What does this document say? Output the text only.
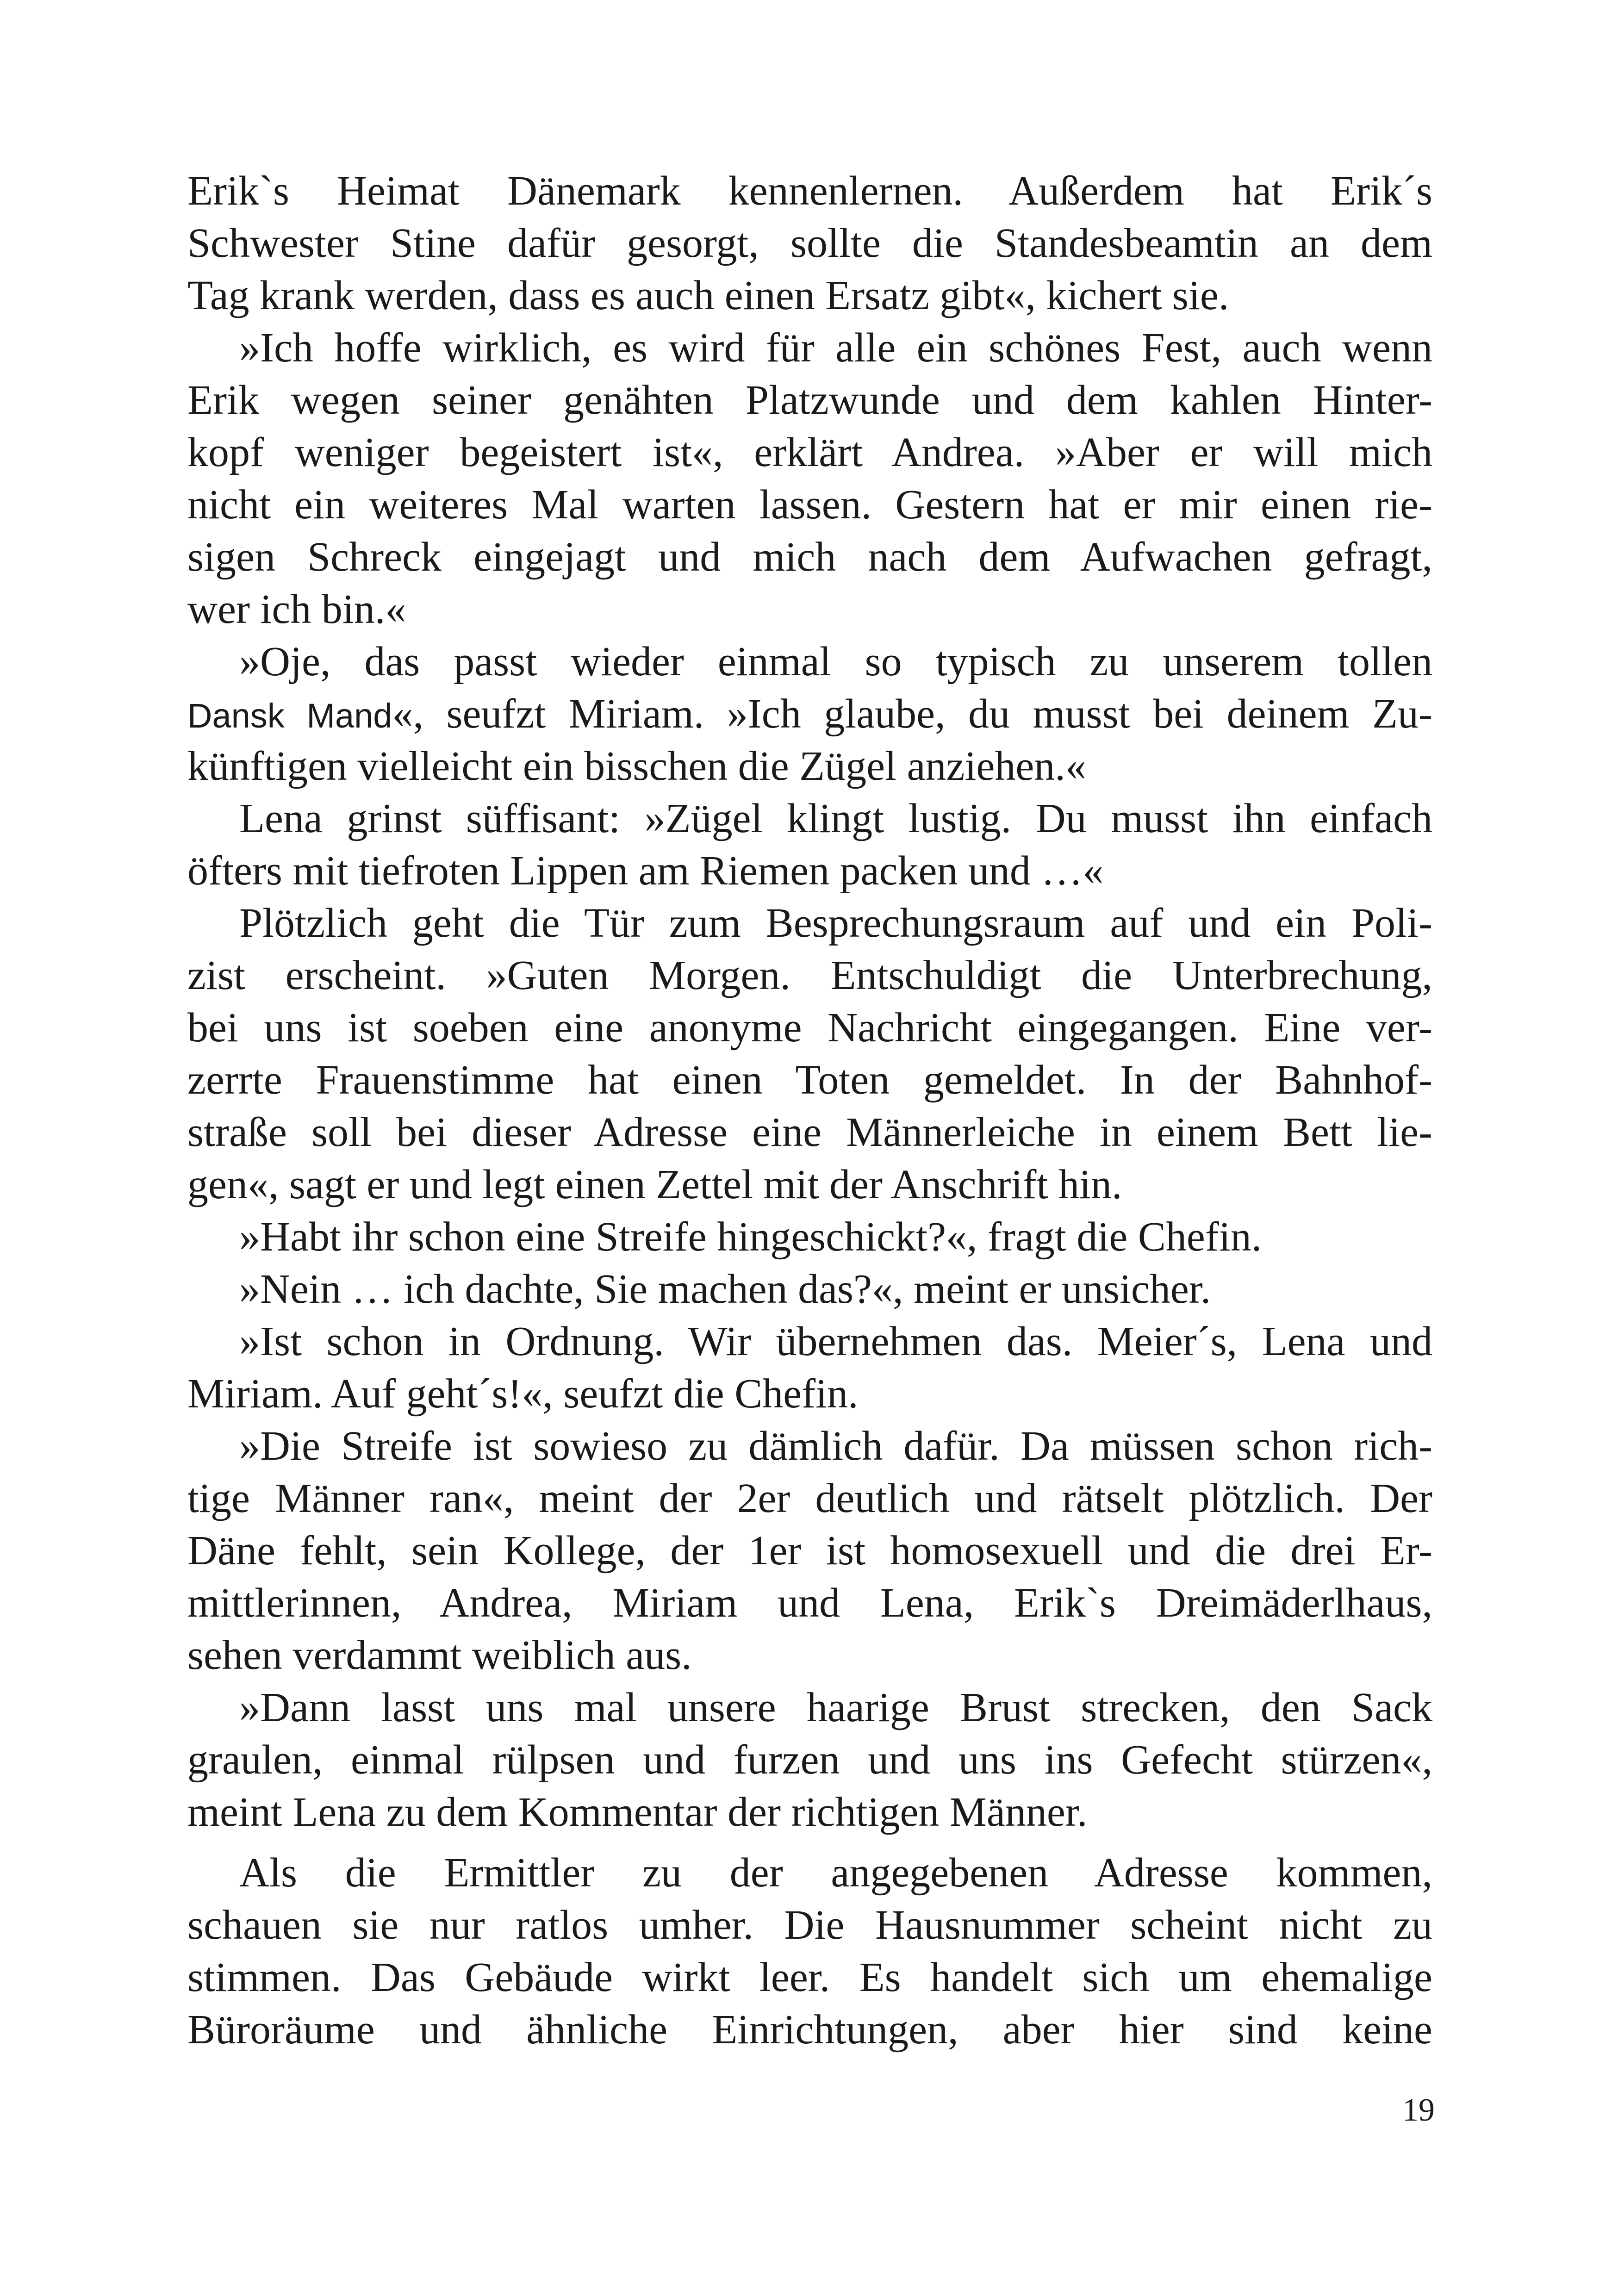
Erik`s Heimat Dänemark kennenlernen. Außerdem hat Erik´s
Schwester Stine dafür gesorgt, sollte die Standesbeamtin an dem
Tag krank werden, dass es auch einen Ersatz gibt«, kichert sie.
»Ich hoffe wirklich, es wird für alle ein schönes Fest, auch wenn
Erik wegen seiner genähten Platzwunde und dem kahlen Hinter-
kopf weniger begeistert ist«, erklärt Andrea. »Aber er will mich
nicht ein weiteres Mal warten lassen. Gestern hat er mir einen rie-
sigen Schreck eingejagt und mich nach dem Aufwachen gefragt,
wer ich bin.«
»Oje, das passt wieder einmal so typisch zu unserem tollen
Dansk Mand«, seufzt Miriam. »Ich glaube, du musst bei deinem Zu-
künftigen vielleicht ein bisschen die Zügel anziehen.«
Lena grinst süffisant: »Zügel klingt lustig. Du musst ihn einfach
öfters mit tiefroten Lippen am Riemen packen und …«
Plötzlich geht die Tür zum Besprechungsraum auf und ein Poli-
zist erscheint. »Guten Morgen. Entschuldigt die Unterbrechung,
bei uns ist soeben eine anonyme Nachricht eingegangen. Eine ver-
zerrte Frauenstimme hat einen Toten gemeldet. In der Bahnhof-
straße soll bei dieser Adresse eine Männerleiche in einem Bett lie-
gen«, sagt er und legt einen Zettel mit der Anschrift hin.
»Habt ihr schon eine Streife hingeschickt?«, fragt die Chefin.
»Nein … ich dachte, Sie machen das?«, meint er unsicher.
»Ist schon in Ordnung. Wir übernehmen das. Meier´s, Lena und
Miriam. Auf geht´s!«, seufzt die Chefin.
»Die Streife ist sowieso zu dämlich dafür. Da müssen schon rich-
tige Männer ran«, meint der 2er deutlich und rätselt plötzlich. Der
Däne fehlt, sein Kollege, der 1er ist homosexuell und die drei Er-
mittlerinnen, Andrea, Miriam und Lena, Erik`s Dreimäderlhaus,
sehen verdammt weiblich aus.
»Dann lasst uns mal unsere haarige Brust strecken, den Sack
graulen, einmal rülpsen und furzen und uns ins Gefecht stürzen«,
meint Lena zu dem Kommentar der richtigen Männer.
Als die Ermittler zu der angegebenen Adresse kommen,
schauen sie nur ratlos umher. Die Hausnummer scheint nicht zu
stimmen. Das Gebäude wirkt leer. Es handelt sich um ehemalige
Büroräume und ähnliche Einrichtungen, aber hier sind keine
19
